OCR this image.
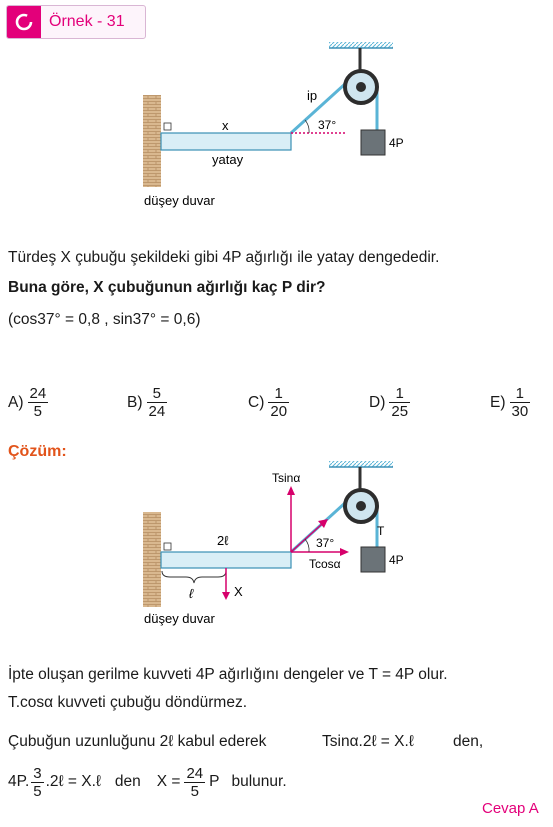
Örnek - 31
x
yatay
düşey duvar
4P
ip
37°
Türdeş X çubuğu şekildeki gibi 4P ağırlığı ile yatay dengededir.
Buna göre, X çubuğunun ağırlığı kaç P dir?
(cos37° = 0,8 , sin37° = 0,6)
$A) \frac{24}{5}$	$B) \frac{5}{24}$	$C) \frac{1}{20}$	$D) \frac{1}{25}$	$E) \frac{1}{30}$
Çözüm:
2ℓ
ℓ	X
düşey duvar
Tsinα
Tcosα
37°
4P
T
İpte oluşan gerilme kuvveti 4P ağırlığını dengeler ve T = 4P olur.
T.cosα kuvveti çubuğu döndürmez.
Çubuğun uzunluğunu 2ℓ kabul ederek	Tsinα.2ℓ = X.ℓ	den,
4P. $\frac{3}{5}$ .2ℓ = X.ℓ den $X = \frac{24}{5}$ P bulunur.
Cevap A
